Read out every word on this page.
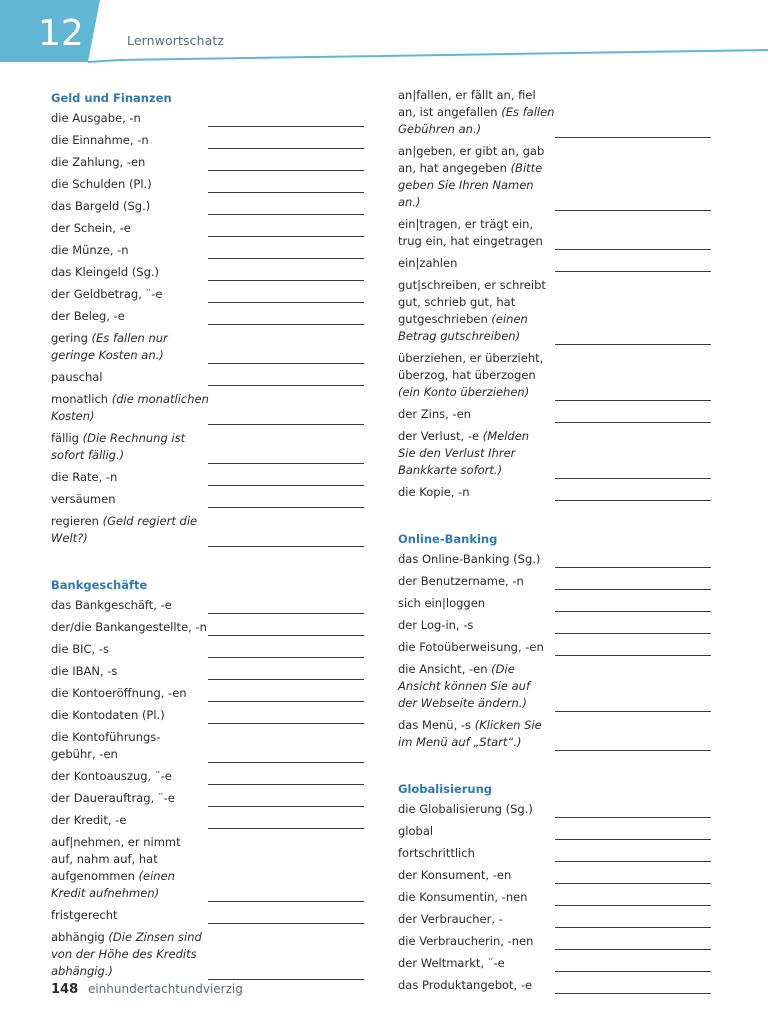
12	Lernwortschatz
Geld und Finanzen
die Ausgabe, -n
die Einnahme, -n
die Zahlung, -en
die Schulden (Pl.)
das Bargeld (Sg.)
der Schein, -e
die Münze, -n
das Kleingeld (Sg.)
der Geldbetrag, ¨-e
der Beleg, -e
gering (Es fallen nur
geringe Kosten an.)
pauschal
monatlich (die monatlichen
Kosten)
fällig (Die Rechnung ist
sofort fällig.)
die Rate, -n
versäumen
regieren (Geld regiert die
Welt?)
Bankgeschäfte
das Bankgeschäft, -e
der/die Bankangestellte, -n
die BIC, -s
die IBAN, -s
die Kontoeröffnung, -en
die Kontodaten (Pl.)
die Kontoführungs-
gebühr, -en
der Kontoauszug, ¨-e
der Dauerauftrag, ¨-e
der Kredit, -e
auf|nehmen, er nimmt
auf, nahm auf, hat
aufgenommen (einen
Kredit aufnehmen)
fristgerecht
abhängig (Die Zinsen sind
von der Höhe des Kredits
abhängig.)
an|fallen, er fällt an, fiel
an, ist angefallen (Es fallen
Gebühren an.)
an|geben, er gibt an, gab
an, hat angegeben (Bitte
geben Sie Ihren Namen an.)
ein|tragen, er trägt ein,
trug ein, hat eingetragen
ein|zahlen
gut|schreiben, er schreibt
gut, schrieb gut, hat
gutgeschrieben (einen
Betrag gutschreiben)
überziehen, er überzieht,
überzog, hat überzogen
(ein Konto überziehen)
der Zins, -en
der Verlust, -e (Melden
Sie den Verlust Ihrer
Bankkarte sofort.)
die Kopie, -n
Online-Banking
das Online-Banking (Sg.)
der Benutzername, -n
sich ein|loggen
der Log-in, -s
die Fotoüberweisung, -en
die Ansicht, -en (Die
Ansicht können Sie auf
der Webseite ändern.)
das Menü, -s (Klicken Sie
im Menü auf „Start“.)
Globalisierung
die Globalisierung (Sg.)
global
fortschrittlich
der Konsument, -en
die Konsumentin, -nen
der Verbraucher, -
die Verbraucherin, -nen
der Weltmarkt, ¨-e
das Produktangebot, -e
148 einhundertachtundvierzig
